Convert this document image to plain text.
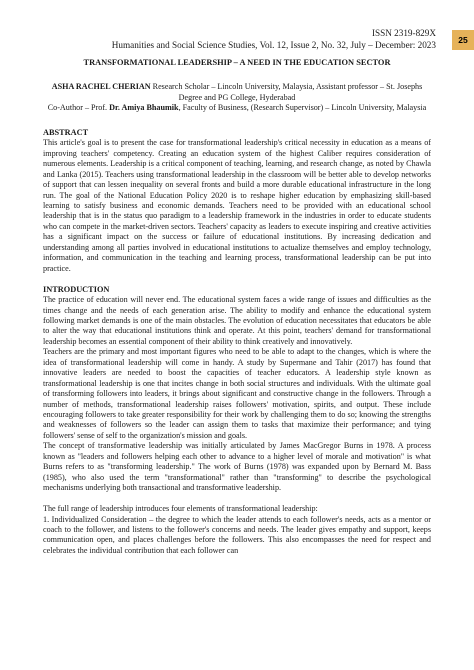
25
ISSN 2319-829X
Humanities and Social Science Studies, Vol. 12, Issue 2, No. 32, July – December: 2023
TRANSFORMATIONAL LEADERSHIP – A NEED IN THE EDUCATION SECTOR
ASHA RACHEL CHERIAN Research Scholar – Lincoln University, Malaysia, Assistant professor – St. Josephs Degree and PG College, Hyderabad
Co-Author – Prof. Dr. Amiya Bhaumik, Faculty of Business, (Research Supervisor) – Lincoln University, Malaysia
ABSTRACT

This article's goal is to present the case for transformational leadership's critical necessity in education as a means of improving teachers' competency. Creating an education system of the highest Caliber requires consideration of numerous elements. Leadership is a critical component of teaching, learning, and research change, as noted by Chawla and Lanka (2015). Teachers using transformational leadership in the classroom will be better able to develop networks of support that can lessen inequality on several fronts and build a more durable educational infrastructure in the long run. The goal of the National Education Policy 2020 is to reshape higher education by emphasizing skill-based learning to satisfy business and economic demands. Teachers need to be provided with an educational school leadership that is in the status quo paradigm to a leadership framework in the industries in order to educate students who can compete in the market-driven sectors. Teachers' capacity as leaders to execute inspiring and creative activities has a significant impact on the success or failure of educational institutions. By increasing dedication and understanding among all parties involved in educational institutions to actualize themselves and employ technology, information, and communication in the teaching and learning process, transformational leadership can be put into practice.

INTRODUCTION

The practice of education will never end. The educational system faces a wide range of issues and difficulties as the times change and the needs of each generation arise. The ability to modify and enhance the educational system following market demands is one of the main obstacles. The evolution of education necessitates that educators be able to alter the way that educational institutions think and operate. At this point, teachers' demand for transformational leadership becomes an essential component of their ability to think creatively and innovatively.

Teachers are the primary and most important figures who need to be able to adapt to the changes, which is where the idea of transformational leadership will come in handy. A study by Supermane and Tahir (2017) has found that innovative leaders are needed to boost the capacities of teacher educators. A leadership style known as transformational leadership is one that incites change in both social structures and individuals. With the ultimate goal of transforming followers into leaders, it brings about significant and constructive change in the followers. Through a number of methods, transformational leadership raises followers' motivation, spirits, and output. These include encouraging followers to take greater responsibility for their work by challenging them to do so; knowing the strengths and weaknesses of followers so the leader can assign them to tasks that maximize their performance; and tying followers' sense of self to the organization's mission and goals.

The concept of transformative leadership was initially articulated by James MacGregor Burns in 1978. A process known as "leaders and followers helping each other to advance to a higher level of morale and motivation" is what Burns refers to as "transforming leadership." The work of Burns (1978) was expanded upon by Bernard M. Bass (1985), who also used the term "transformational" rather than "transforming" to describe the psychological mechanisms underlying both transactional and transformative leadership.

The full range of leadership introduces four elements of transformational leadership:

1. Individualized Consideration – the degree to which the leader attends to each follower's needs, acts as a mentor or coach to the follower, and listens to the follower's concerns and needs. The leader gives empathy and support, keeps communication open, and places challenges before the followers. This also encompasses the need for respect and celebrates the individual contribution that each follower can
